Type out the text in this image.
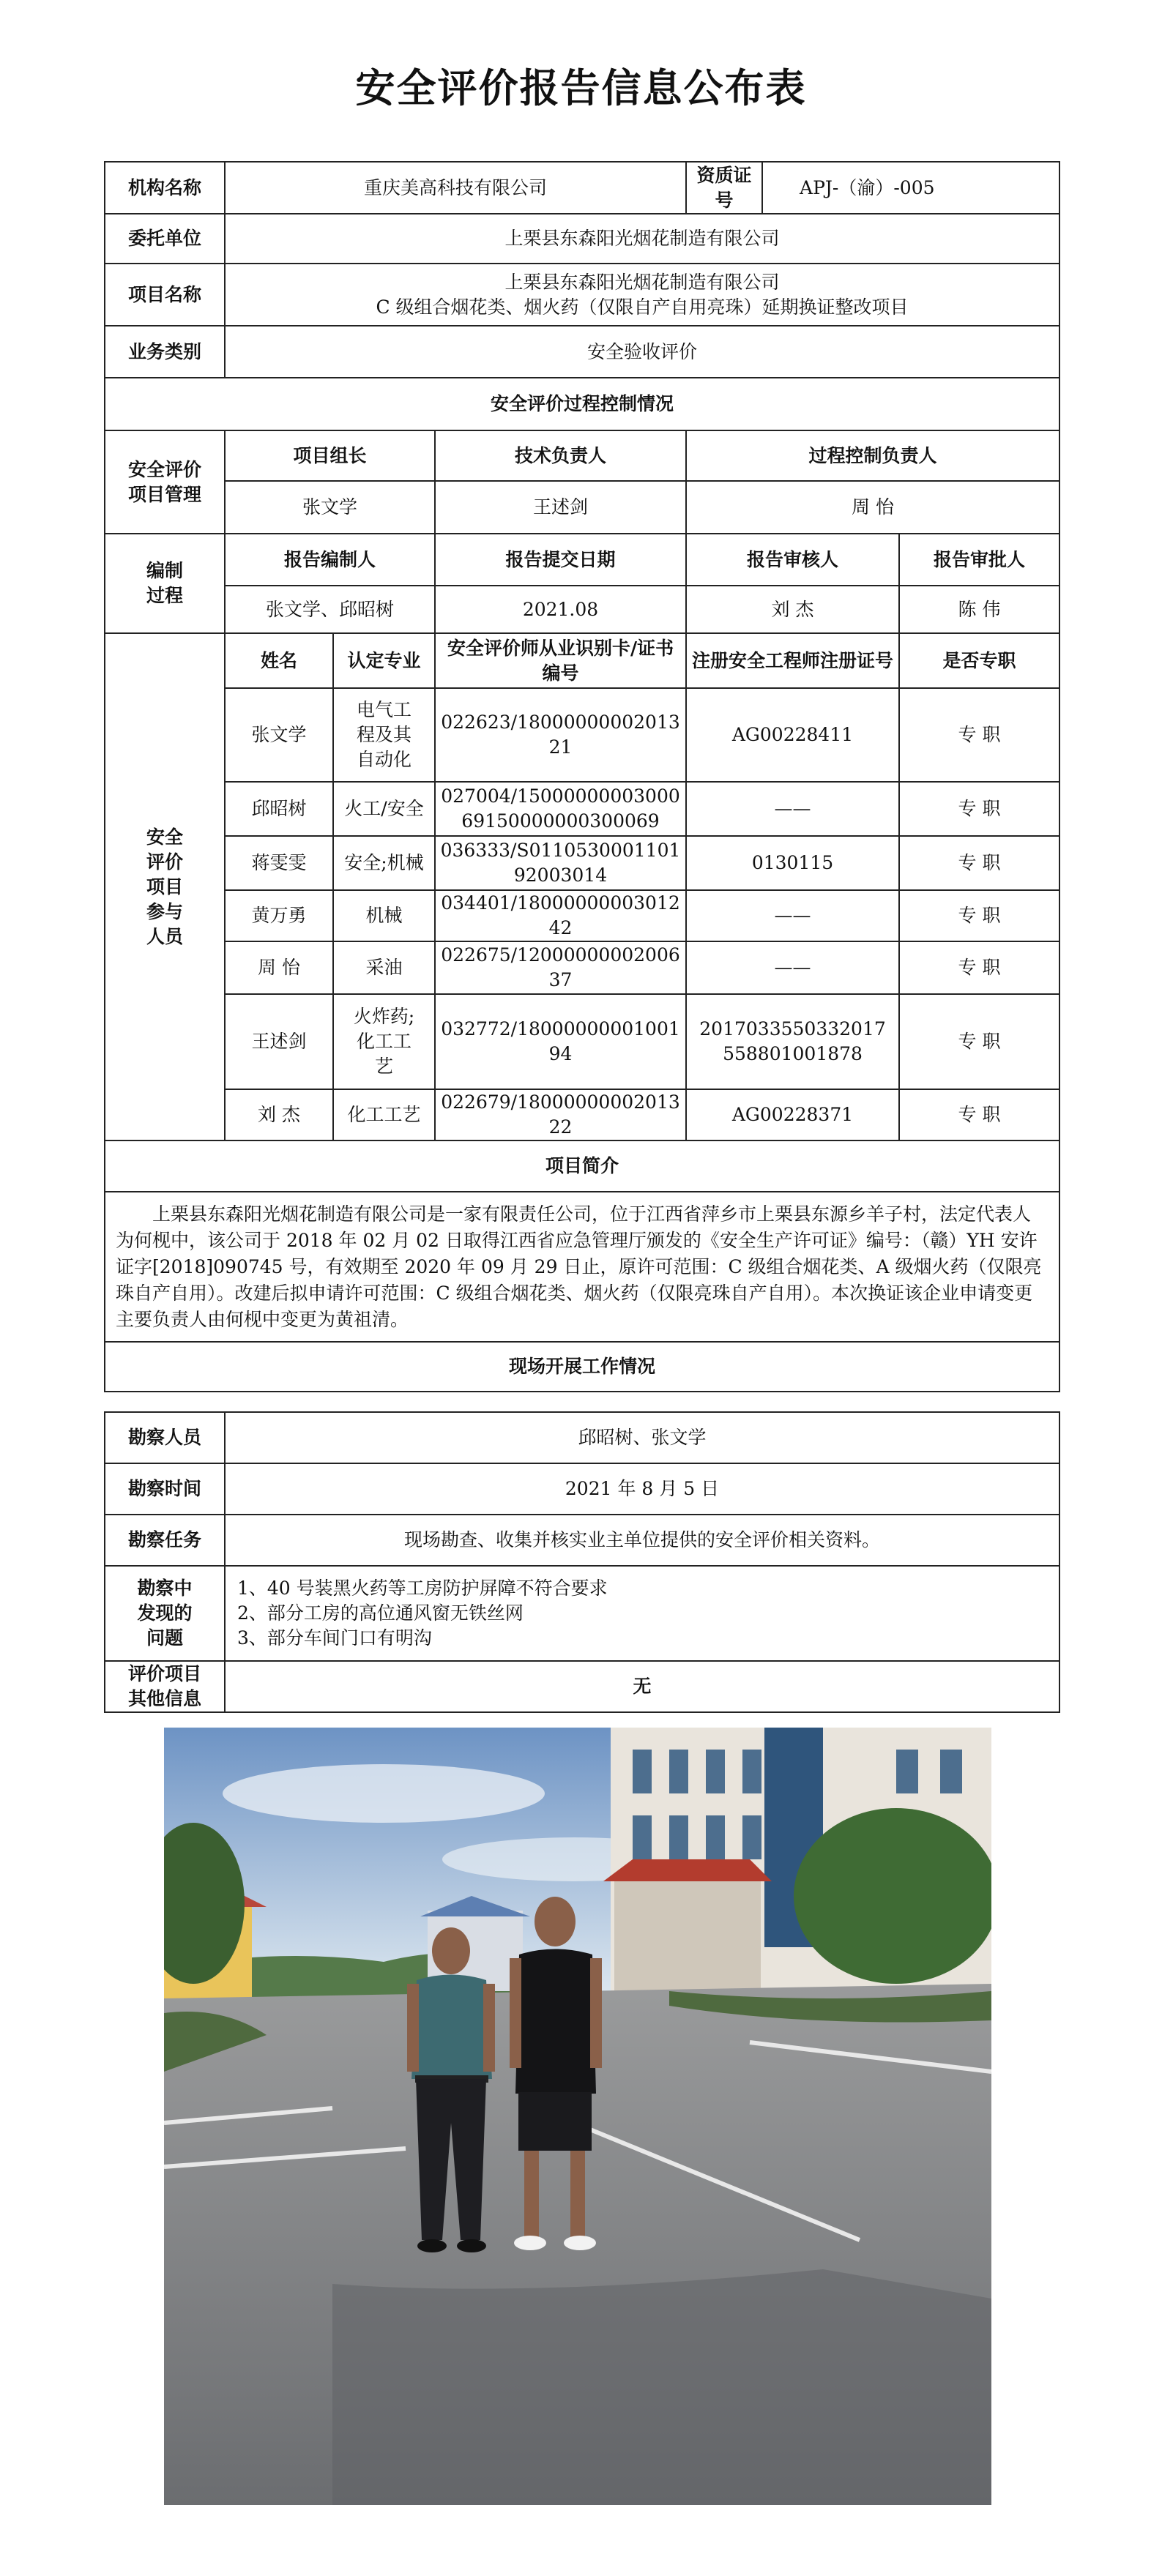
安全评价报告信息公布表
机构名称	重庆美高科技有限公司			资质证号	APJ-（渝）-005	
委托单位	上栗县东森阳光烟花制造有限公司					
项目名称	上栗县东森阳光烟花制造有限公司
C 级组合烟花类、烟火药（仅限自产自用亮珠）延期换证整改项目					

业务类别	安全验收评价					
安全评价过程控制情况						
安全评价项目管理	项目组长		技术负责人	过程控制负责人		
	张文学		王述剑	周 怡		
编制过程	报告编制人		报告提交日期	报告审核人		报告审批人
	张文学、邱昭树		2021.08	刘 杰		陈 伟
安全评价项目参与人员	姓名	认定专业	安全评价师从业识别卡/证书编号	注册安全工程师注册证号		是否专职
	张文学	电气工程及其自动化	022623/1800000000201321	AG00228411		专 职
	邱昭树	火工/安全	027004/1500000000300069150000000300069	——		专 职
	蒋雯雯	安全;机械	036333/S011053000110192003014	0130115		专 职
	黄万勇	机械	034401/1800000000301242	——		专 职
	周 怡	采油	022675/1200000000200637	——		专 职
	王述剑	火炸药;化工工艺	032772/1800000000100194	2017033550332017558801001878		专 职
	刘 杰	化工工艺	022679/1800000000201322	AG00228371		专 职
项目简介						
上栗县东森阳光烟花制造有限公司是一家有限责任公司，位于江西省萍乡市上栗县东源乡羊子村，法定代表人为何枧中，该公司于 2018 年 02 月 02 日取得江西省应急管理厅颁发的《安全生产许可证》编号：（赣）YH 安许证字[2018]090745 号，有效期至 2020 年 09 月 29 日止，原许可范围：C 级组合烟花类、A 级烟火药（仅限亮珠自产自用）。改建后拟申请许可范围：C 级组合烟花类、烟火药（仅限亮珠自产自用）。本次换证该企业申请变更主要负责人由何枧中变更为黄祖清。						
现场开展工作情况						
勘察人员	邱昭树、张文学
勘察时间	2021 年 8 月 5 日
勘察任务	现场勘查、收集并核实业主单位提供的安全评价相关资料。
勘察中发现的问题	1、40 号装黑火药等工房防护屏障不符合要求
2、部分工房的高位通风窗无铁丝网
3、部分车间门口有明沟

评价项目其他信息	无
